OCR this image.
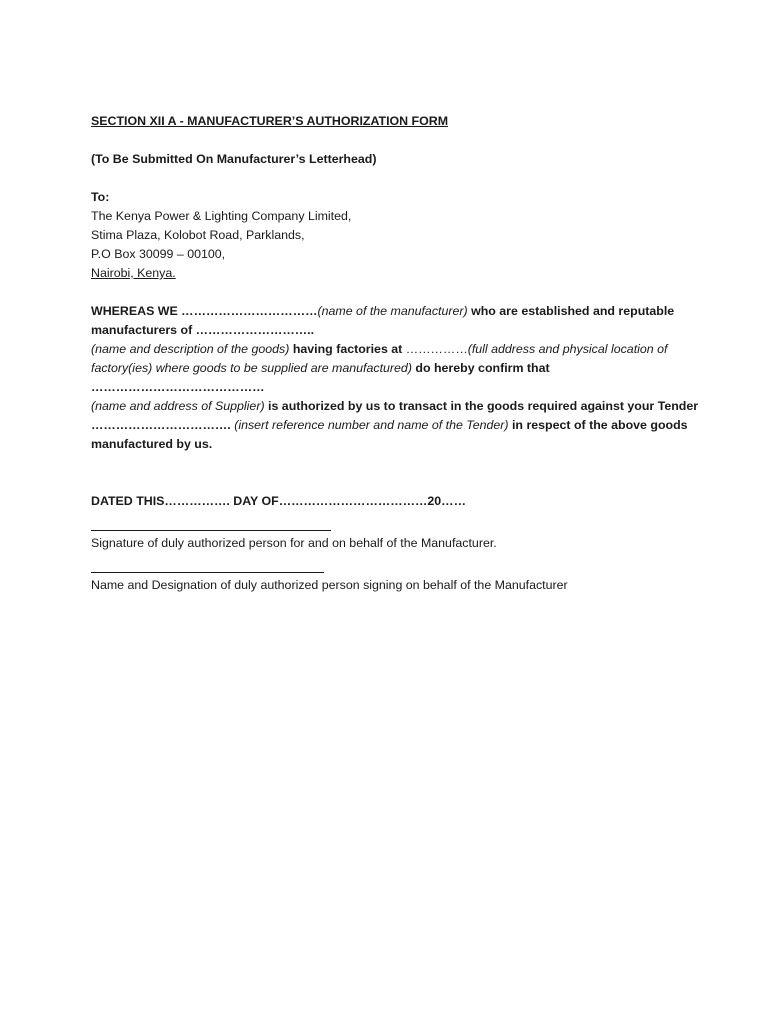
SECTION XII A - MANUFACTURER’S AUTHORIZATION FORM
(To Be Submitted On Manufacturer’s Letterhead)
To:
The Kenya Power & Lighting Company Limited,
Stima Plaza, Kolobot Road, Parklands,
P.O Box 30099 – 00100,
Nairobi, Kenya.
WHEREAS WE ……………………………(name of the manufacturer) who are established and reputable
manufacturers of ………………………..
(name and description of the goods) having factories at ……………(full address and physical location of
factory(ies) where goods to be supplied are manufactured) do hereby confirm that
……………………………………
(name and address of Supplier) is authorized by us to transact in the goods required against your Tender
……………………………. (insert reference number and name of the Tender) in respect of the above goods
manufactured by us.
DATED THIS……………. DAY OF………………………………20……
Signature of duly authorized person for and on behalf of the Manufacturer.
Name and Designation of duly authorized person signing on behalf of the Manufacturer
